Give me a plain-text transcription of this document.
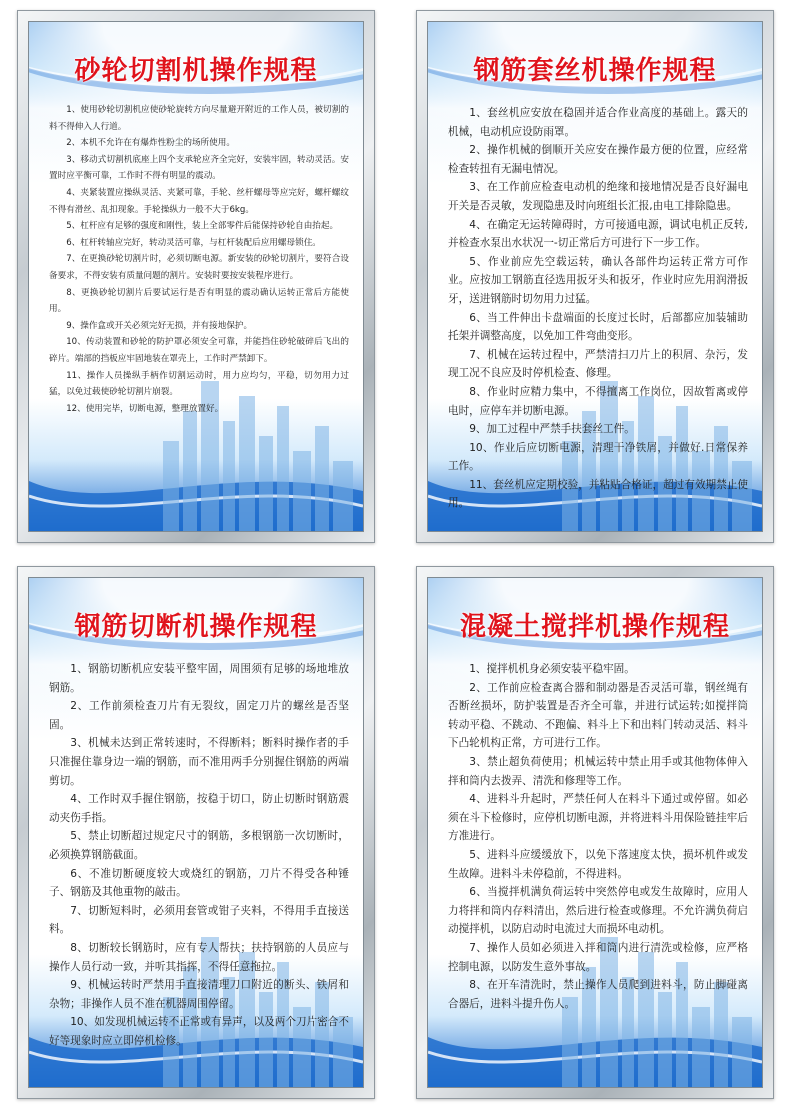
砂轮切割机操作规程

1、使用砂轮切割机应使砂轮旋转方向尽量避开附近的工作人员，被切割的料不得伸入人行道。

2、本机不允许在有爆炸性粉尘的场所使用。

3、移动式切割机底座上四个支承轮应齐全完好，安装牢固，转动灵活。安置时应平衡可靠，工作时不得有明显的震动。

4、夹紧装置应操纵灵活、夹紧可靠，手轮、丝杆螺母等应完好，螺杆螺纹不得有滑丝、乱扣现象。手轮操纵力一般不大于6kg。

5、杠杆应有足够的强度和刚性，装上全部零件后能保持砂轮自由抬起。

6、杠杆转轴应完好，转动灵活可靠，与杠杆装配后应用螺母锁住。

7、在更换砂轮切割片时，必须切断电源。新安装的砂轮切割片，要符合设备要求，不得安装有质量问题的割片。安装时要按安装程序进行。

8、更换砂轮切割片后要试运行是否有明显的震动确认运转正常后方能使用。

9、操作盒或开关必须完好无损，并有接地保护。

10、传动装置和砂轮的防护罩必须安全可靠，并能挡住砂轮破碎后飞出的碎片。端部的挡板应牢固地装在罩壳上，工作时严禁卸下。

11、操作人员操纵手柄作切割运动时，用力应均匀，平稳，切勿用力过猛，以免过载使砂轮切割片崩裂。

12、使用完毕，切断电源，整理放置好。

钢筋套丝机操作规程

1、套丝机应安放在稳固并适合作业高度的基础上。露天的机械，电动机应设防雨罩。

2、操作机械的倒顺开关应安在操作最方便的位置，应经常检查转扭有无漏电情况。

3、在工作前应检查电动机的绝缘和接地情况是否良好漏电开关是否灵敏，发现隐患及时向班组长汇报,由电工排除隐患。

4、在确定无运转障碍时，方可接通电源，调试电机正反转,并检查水泵出水状况一-切正常后方可进行下一步工作。

5、作业前应先空载运转，确认各部件均运转正常方可作业。应按加工钢筋直径选用扳牙头和扳牙，作业时应先用润滑扳牙，送进钢筋时切勿用力过猛。

6、当工件伸出卡盘端面的长度过长时，后部都应加装辅助托架并调整高度，以免加工件弯曲变形。

7、机械在运转过程中，严禁清扫刀片上的积屑、杂污，发现工况不良应及时停机检查、修理。

8、作业时应精力集中，不得擅离工作岗位，因故暂离或停电时，应停车并切断电源。

9、加工过程中严禁手扶套丝工件。

10、作业后应切断电源，清理干净铁屑，并做好.日常保养工作。

11、套丝机应定期校验，并粘贴合格证，超过有效期禁止使用。

钢筋切断机操作规程

1、钢筋切断机应安装平整牢固，周围须有足够的场地堆放钢筋。

2、工作前须检查刀片有无裂纹，固定刀片的螺丝是否坚固。

3、机械未达到正常转速时，不得断料；断料时操作者的手只准握住靠身边一端的钢筋，而不准用两手分别握住钢筋的两端剪切。

4、工作时双手握住钢筋，按稳于切口，防止切断时钢筋震动夹伤手指。

5、禁止切断超过规定尺寸的钢筋，多根钢筋一次切断时，必须换算钢筋截面。

6、不准切断硬度较大或烧红的钢筋，刀片不得受各种锤子、钢筋及其他重物的敲击。

7、切断短料时，必须用套管或钳子夹料，不得用手直接送料。

8、切断较长钢筋时，应有专人帮扶；扶持钢筋的人员应与操作人员行动一致，并听其指挥，不得任意拖拉。

9、机械运转时严禁用手直接清理刀口附近的断头、铁屑和杂物；非操作人员不准在机器周围停留。

10、如发现机械运转不正常或有异声，以及两个刀片密合不好等现象时应立即停机检修。

混凝土搅拌机操作规程

1、搅拌机机身必须安装平稳牢固。

2、工作前应检查离合器和制动器是否灵活可靠，钢丝绳有否断丝损坏，防护装置是否齐全可靠，并进行试运转;如搅拌筒转动平稳、不跳动、不跑偏、料斗上下和出料门转动灵活、料斗下凸轮机构正常，方可进行工作。

3、禁止超负荷使用；机械运转中禁止用手或其他物体伸入拌和筒内去拨弄、清洗和修理等工作。

4、进料斗升起时，严禁任何人在料斗下通过或停留。如必须在斗下检修时，应停机切断电源，并将进料斗用保险链挂牢后方准进行。

5、进料斗应缓缓放下，以免下落速度太快，损坏机件或发生故障。进料斗未停稳前，不得进料。

6、当搅拌机满负荷运转中突然停电或发生故障时，应用人力将拌和筒内存料清出，然后进行检查或修理。不允许满负荷启动搅拌机，以防启动时电流过大而损坏电动机。

7、操作人员如必须进入拌和筒内进行清洗或检修，应严格控制电源，以防发生意外事故。

8、在开车清洗时，禁止操作人员爬到进料斗，防止脚碰离合器后，进料斗提升伤人。
